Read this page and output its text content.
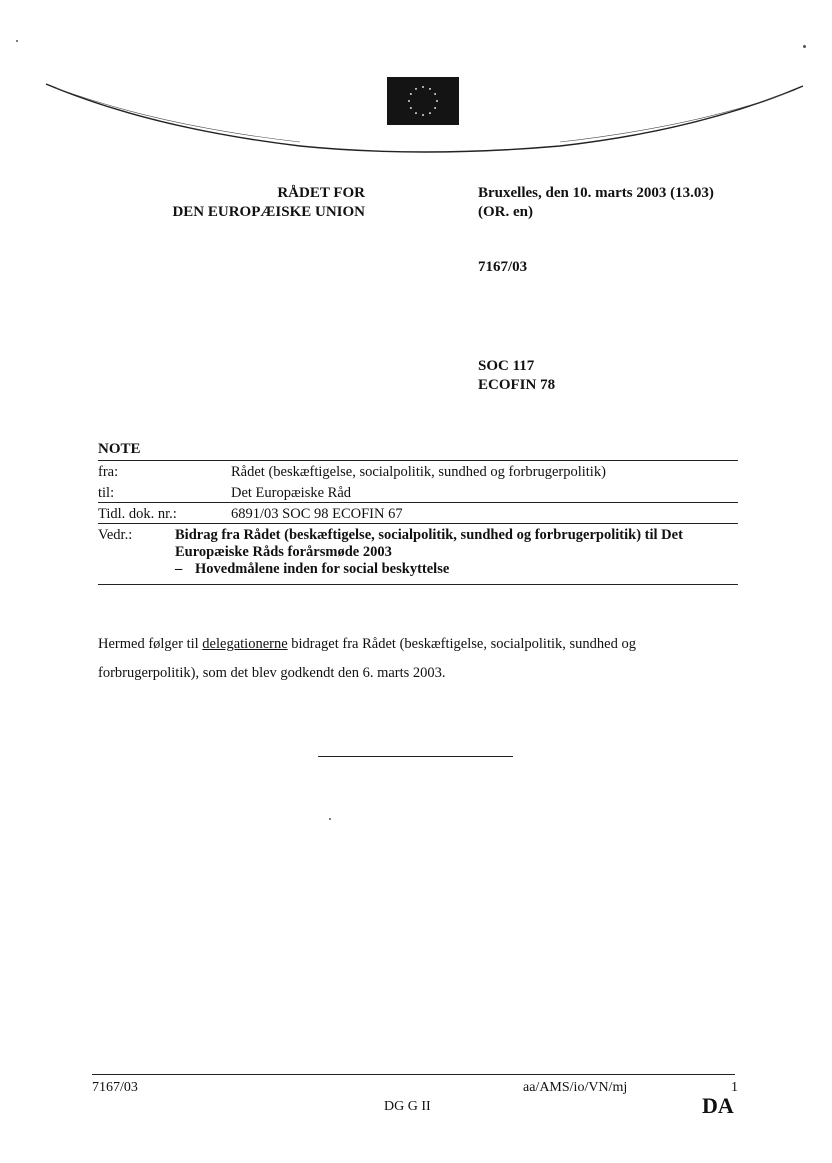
RÅDET FOR
DEN EUROPÆISKE UNION
Bruxelles, den 10. marts 2003 (13.03)
(OR. en)
7167/03
SOC 117
ECOFIN 78
NOTE
fra:	Rådet (beskæftigelse, socialpolitik, sundhed og forbrugerpolitik)
til:	Det Europæiske Råd
Tidl. dok. nr.:	6891/03 SOC 98 ECOFIN 67
Vedr.:	Bidrag fra Rådet (beskæftigelse, socialpolitik, sundhed og forbrugerpolitik) til Det
Europæiske Råds forårsmøde 2003
– Hovedmålene inden for social beskyttelse
Hermed følger til delegationerne bidraget fra Rådet (beskæftigelse, socialpolitik, sundhed og forbrugerpolitik), som det blev godkendt den 6. marts 2003.
7167/03	aa/AMS/io/VN/mj	1
DG G II	DA
